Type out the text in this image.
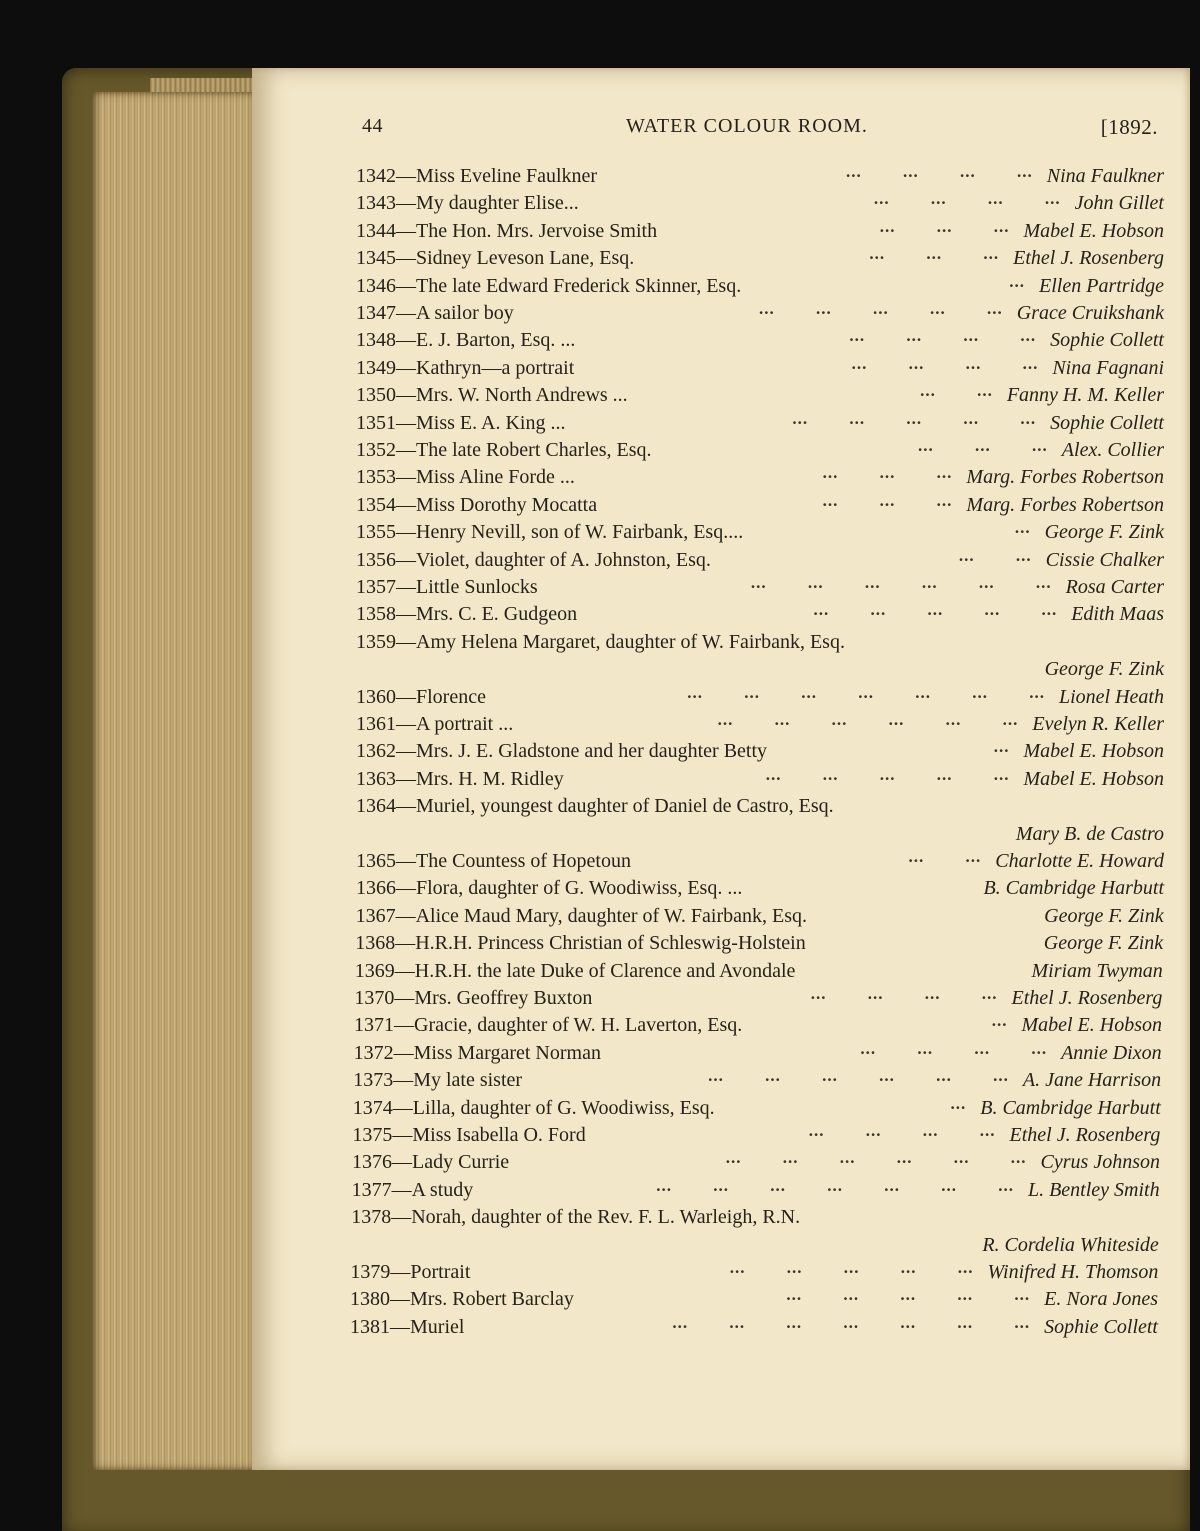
44	WATER COLOUR ROOM.	[1892.
1342—Miss Eveline Faulkner	Nina Faulkner
... ... ... ...
1343—My daughter Elise...	John Gillet
... ... ... ...
1344—The Hon. Mrs. Jervoise Smith	Mabel E. Hobson
... ... ...
1345—Sidney Leveson Lane, Esq.	Ethel J. Rosenberg
... ... ...
1346—The late Edward Frederick Skinner, Esq.	Ellen Partridge
...
1347—A sailor boy	Grace Cruikshank
... ... ... ... ...
1348—E. J. Barton, Esq. ...	Sophie Collett
... ... ... ...
1349—Kathryn—a portrait	Nina Fagnani
... ... ... ...
1350—Mrs. W. North Andrews ...	Fanny H. M. Keller
... ...
1351—Miss E. A. King ...	Sophie Collett
... ... ... ... ...
1352—The late Robert Charles, Esq.	Alex. Collier
... ... ...
1353—Miss Aline Forde ...	Marg. Forbes Robertson
... ... ...
1354—Miss Dorothy Mocatta	Marg. Forbes Robertson
... ... ...
1355—Henry Nevill, son of W. Fairbank, Esq....	George F. Zink
...
1356—Violet, daughter of A. Johnston, Esq.	Cissie Chalker
... ...
1357—Little Sunlocks	Rosa Carter
... ... ... ... ... ...
1358—Mrs. C. E. Gudgeon	Edith Maas
... ... ... ... ...
1359—Amy Helena Margaret, daughter of W. Fairbank, Esq.
George F. Zink
1360—Florence	Lionel Heath
... ... ... ... ... ... ...
1361—A portrait ...	Evelyn R. Keller
... ... ... ... ... ...
1362—Mrs. J. E. Gladstone and her daughter Betty	Mabel E. Hobson
...
1363—Mrs. H. M. Ridley	Mabel E. Hobson
... ... ... ... ...
1364—Muriel, youngest daughter of Daniel de Castro, Esq.
Mary B. de Castro
1365—The Countess of Hopetoun	Charlotte E. Howard
... ...
1366—Flora, daughter of G. Woodiwiss, Esq. ...	B. Cambridge Harbutt
1367—Alice Maud Mary, daughter of W. Fairbank, Esq.	George F. Zink
1368—H.R.H. Princess Christian of Schleswig-Holstein	George F. Zink
1369—H.R.H. the late Duke of Clarence and Avondale	Miriam Twyman
1370—Mrs. Geoffrey Buxton	Ethel J. Rosenberg
... ... ... ...
1371—Gracie, daughter of W. H. Laverton, Esq.	Mabel E. Hobson
...
1372—Miss Margaret Norman	Annie Dixon
... ... ... ...
1373—My late sister	A. Jane Harrison
... ... ... ... ... ...
1374—Lilla, daughter of G. Woodiwiss, Esq.	B. Cambridge Harbutt
...
1375—Miss Isabella O. Ford	Ethel J. Rosenberg
... ... ... ...
1376—Lady Currie	Cyrus Johnson
... ... ... ... ... ...
1377—A study	L. Bentley Smith
... ... ... ... ... ... ...
1378—Norah, daughter of the Rev. F. L. Warleigh, R.N.
R. Cordelia Whiteside
1379—Portrait	Winifred H. Thomson
... ... ... ... ...
1380—Mrs. Robert Barclay	E. Nora Jones
... ... ... ... ...
1381—Muriel	Sophie Collett
... ... ... ... ... ... ...
